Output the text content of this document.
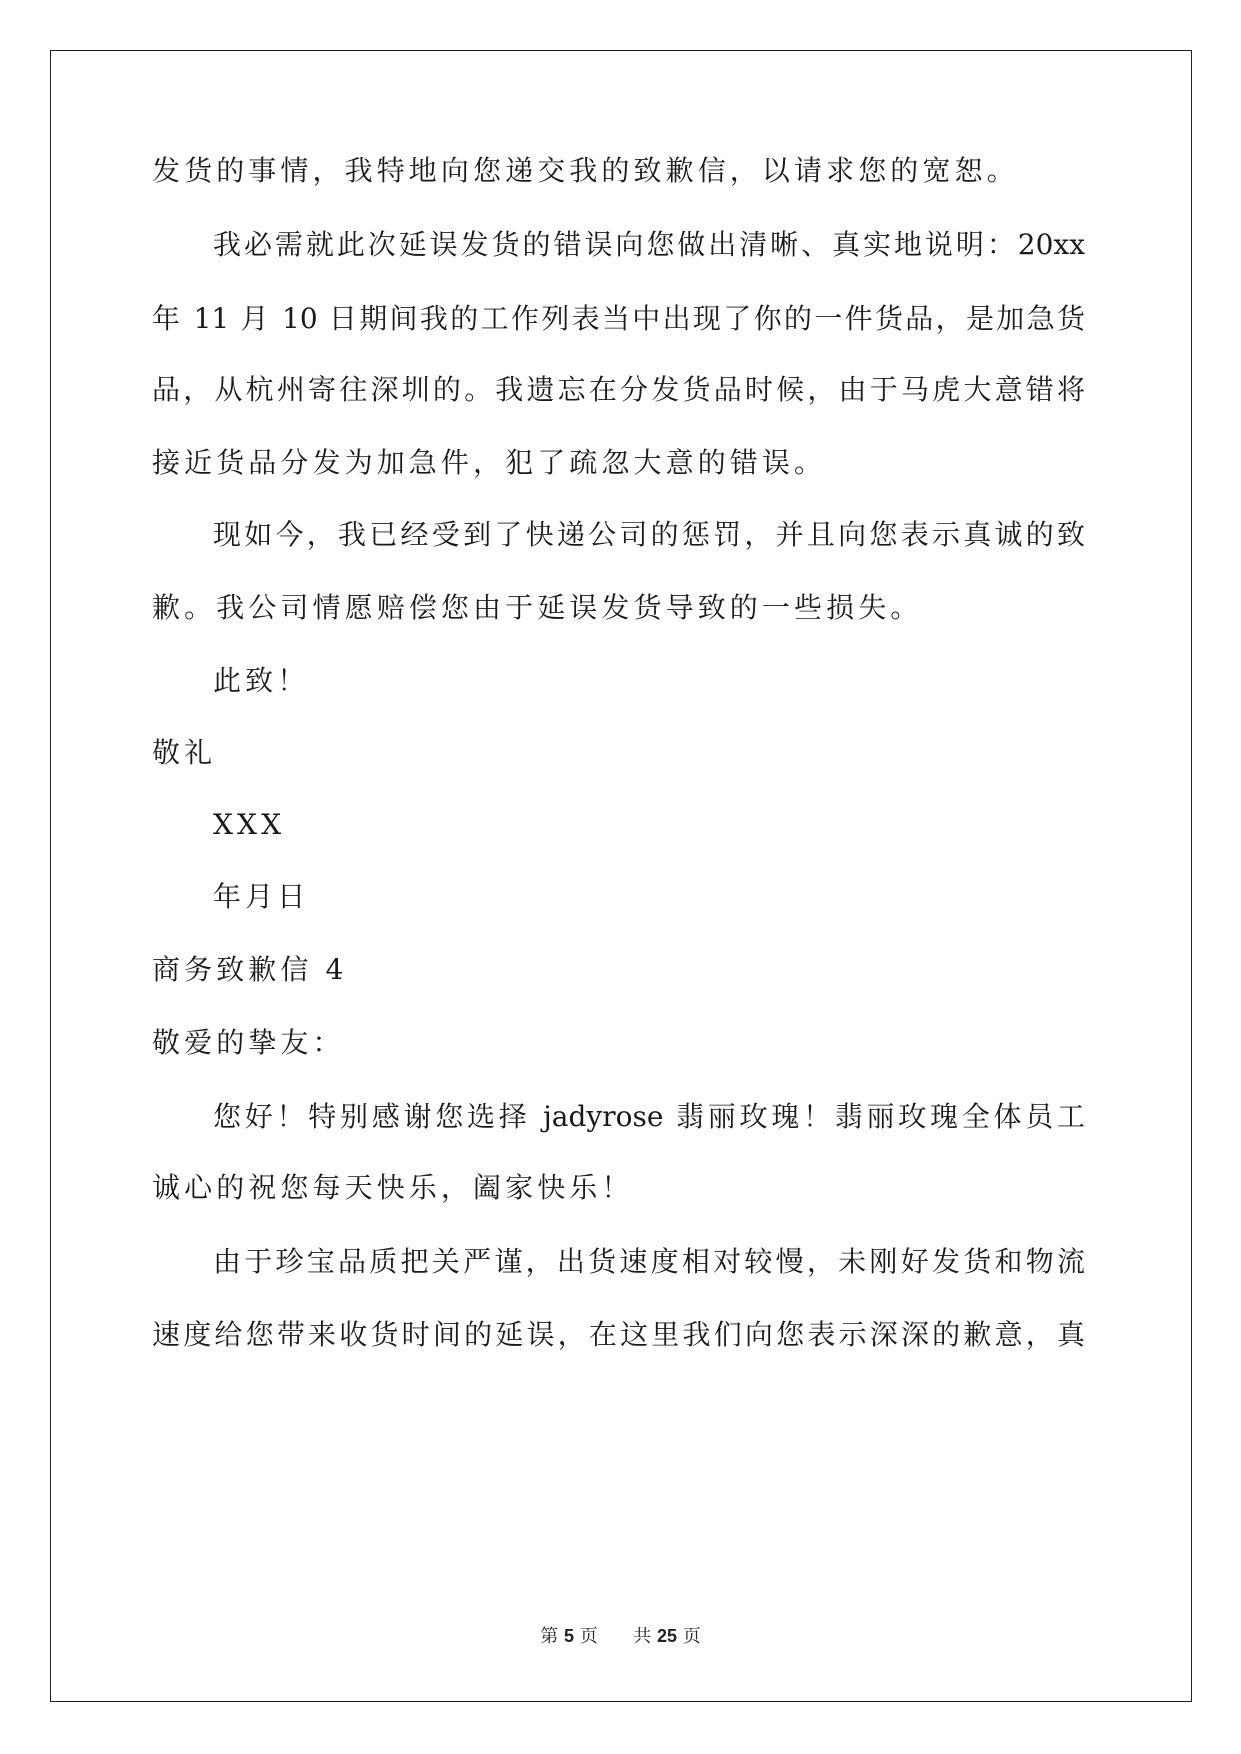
发货的事情，我特地向您递交我的致歉信，以请求您的宽恕。
我必需就此次延误发货的错误向您做出清晰、真实地说明：20xx
年 11 月 10 日期间我的工作列表当中出现了你的一件货品，是加急货
品，从杭州寄往深圳的。我遗忘在分发货品时候，由于马虎大意错将
接近货品分发为加急件，犯了疏忽大意的错误。
现如今，我已经受到了快递公司的惩罚，并且向您表示真诚的致
歉。我公司情愿赔偿您由于延误发货导致的一些损失。
此致！
敬礼
XXX
年月日
商务致歉信 4
敬爱的挚友：
您好！特别感谢您选择 jadyrose 翡丽玫瑰！翡丽玫瑰全体员工
诚心的祝您每天快乐，阖家快乐！
由于珍宝品质把关严谨，出货速度相对较慢，未刚好发货和物流
速度给您带来收货时间的延误，在这里我们向您表示深深的歉意，真
第 5 页 共 25 页
